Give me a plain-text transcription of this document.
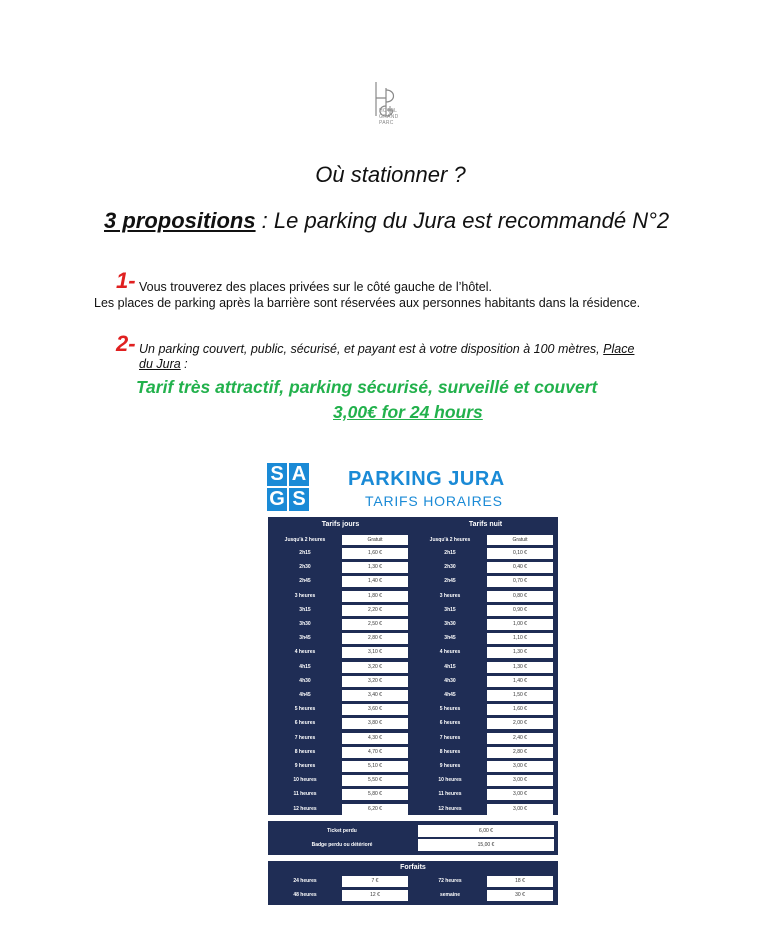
HOTEL GRAND PARC
Où stationner ?
3 propositions : Le parking du Jura est recommandé N°2
1- Vous trouverez des places privées sur le côté gauche de l’hôtel.
Les places de parking après la barrière sont réservées aux personnes habitants dans la résidence.
2- Un parking couvert, public, sécurisé, et payant est à votre disposition à 100 mètres, Place
du Jura :
Tarif très attractif, parking sécurisé, surveillé et couvert
3,00€ for 24 hours
S A
G S
PARKING JURA
TARIFS HORAIRES
Tarifs jours	Tarifs nuit
Jusqu'à 2 heures	Gratuit	Jusqu'à 2 heures	Gratuit
2h15	1,60 €	2h15	0,10 €
2h30	1,30 €	2h30	0,40 €
2h45	1,40 €	2h45	0,70 €
3 heures	1,80 €	3 heures	0,80 €
3h15	2,20 €	3h15	0,90 €
3h30	2,50 €	3h30	1,00 €
3h45	2,80 €	3h45	1,10 €
4 heures	3,10 €	4 heures	1,30 €
4h15	3,20 €	4h15	1,30 €
4h30	3,20 €	4h30	1,40 €
4h45	3,40 €	4h45	1,50 €
5 heures	3,60 €	5 heures	1,60 €
6 heures	3,80 €	6 heures	2,00 €
7 heures	4,30 €	7 heures	2,40 €
8 heures	4,70 €	8 heures	2,80 €
9 heures	5,10 €	9 heures	3,00 €
10 heures	5,50 €	10 heures	3,00 €
11 heures	5,80 €	11 heures	3,00 €
12 heures	6,20 €	12 heures	3,00 €
Ticket perdu	6,00 €
Badge perdu ou détérioré	15,00 €
Forfaits
24 heures	7 €	72 heures	18 €
48 heures	12 €	semaine	30 €
